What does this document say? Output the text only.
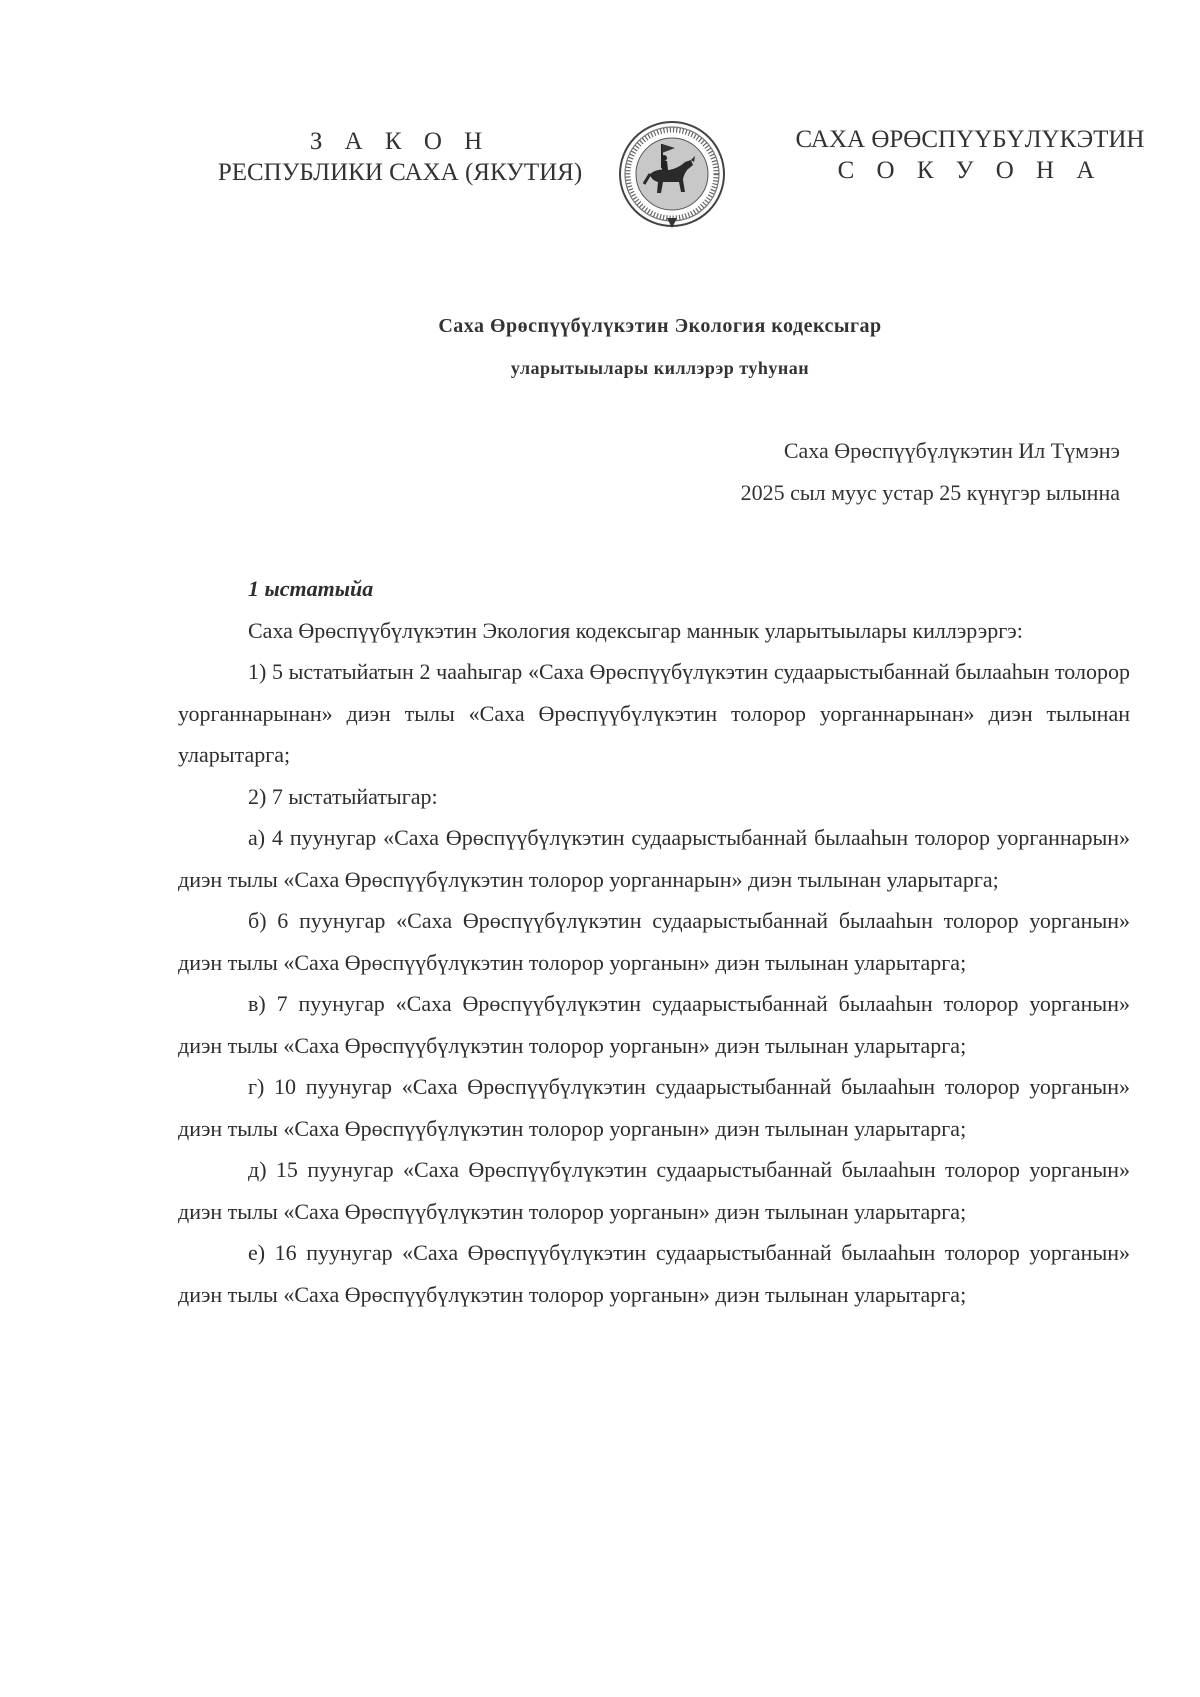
З А К О Н
РЕСПУБЛИКИ САХА (ЯКУТИЯ)
САХА ӨРӨСПҮҮБҮЛҮКЭТИН
С О К У О Н А
Саха Өрөспүүбүлүкэтин Экология кодексыгар
уларытыылары киллэрэр туһунан
Саха Өрөспүүбүлүкэтин Ил Түмэнэ
2025 сыл муус устар 25 күнүгэр ылынна

1 ыстатыйа

Саха Өрөспүүбүлүкэтин Экология кодексыгар маннык уларытыылары киллэрэргэ:

1) 5 ыстатыйатын 2 чааһыгар «Саха Өрөспүүбүлүкэтин судаарыстыбаннай былааһын толорор уорганнарынан» диэн тылы «Саха Өрөспүүбүлүкэтин толорор уорганнарынан» диэн тылынан уларытарга;

2) 7 ыстатыйатыгар:

а) 4 пуунугар «Саха Өрөспүүбүлүкэтин судаарыстыбаннай былааһын толорор уорганнарын» диэн тылы «Саха Өрөспүүбүлүкэтин толорор уорганнарын» диэн тылынан уларытарга;

б) 6 пуунугар «Саха Өрөспүүбүлүкэтин судаарыстыбаннай былааһын толорор уорганын» диэн тылы «Саха Өрөспүүбүлүкэтин толорор уорганын» диэн тылынан уларытарга;

в) 7 пуунугар «Саха Өрөспүүбүлүкэтин судаарыстыбаннай былааһын толорор уорганын» диэн тылы «Саха Өрөспүүбүлүкэтин толорор уорганын» диэн тылынан уларытарга;

г) 10 пуунугар «Саха Өрөспүүбүлүкэтин судаарыстыбаннай былааһын толорор уорганын» диэн тылы «Саха Өрөспүүбүлүкэтин толорор уорганын» диэн тылынан уларытарга;

д) 15 пуунугар «Саха Өрөспүүбүлүкэтин судаарыстыбаннай былааһын толорор уорганын» диэн тылы «Саха Өрөспүүбүлүкэтин толорор уорганын» диэн тылынан уларытарга;

е) 16 пуунугар «Саха Өрөспүүбүлүкэтин судаарыстыбаннай былааһын толорор уорганын» диэн тылы «Саха Өрөспүүбүлүкэтин толорор уорганын» диэн тылынан уларытарга;
